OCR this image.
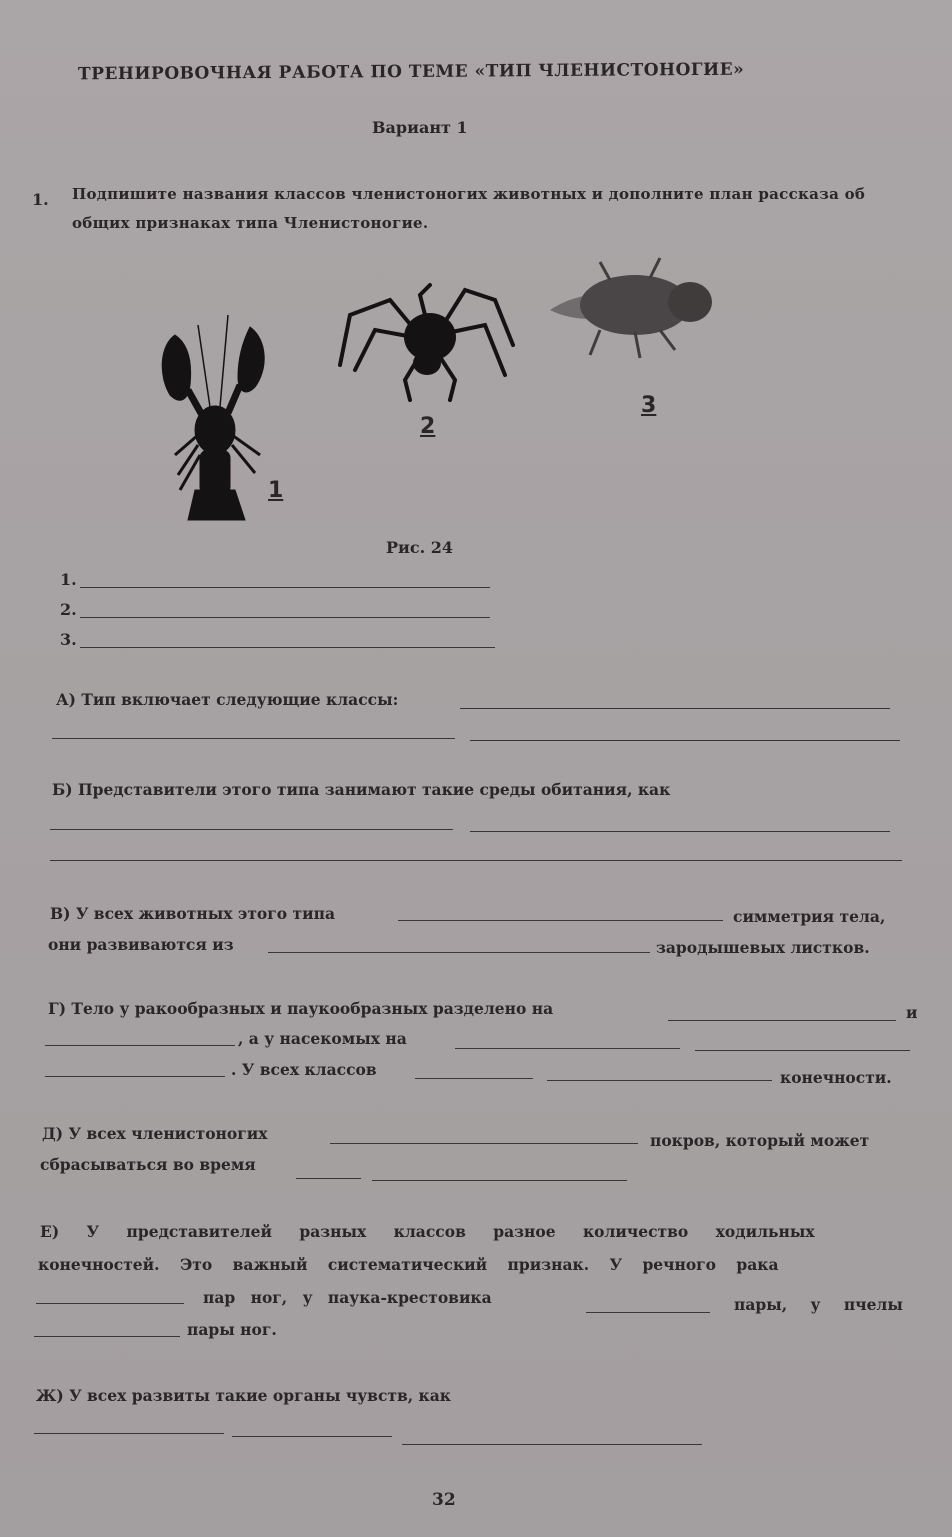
ТРЕНИРОВОЧНАЯ РАБОТА ПО ТЕМЕ «ТИП ЧЛЕНИСТОНОГИЕ»
Вариант 1
1. Подпишите названия классов членистоногих животных и дополните план рассказа об общих признаках типа Членистоногие.
1
2
3
Рис. 24
1.
2.
3.
А) Тип включает следующие классы:
Б) Представители этого типа занимают такие среды обитания, как
В) У всех животных этого типа	симметрия тела,
они развиваются из	зародышевых листков.
Г) Тело у ракообразных и паукообразных разделено на	и
, а у насекомых на
. У всех классов	конечности.
Д) У всех членистоногих	покров, который может
сбрасываться во время
Е) У представителей разных классов разное количество ходильных
конечностей. Это важный систематический признак. У речного рака
пар ног, у паука-крестовика	пары, у пчелы
пары ног.
Ж) У всех развиты такие органы чувств, как
32
